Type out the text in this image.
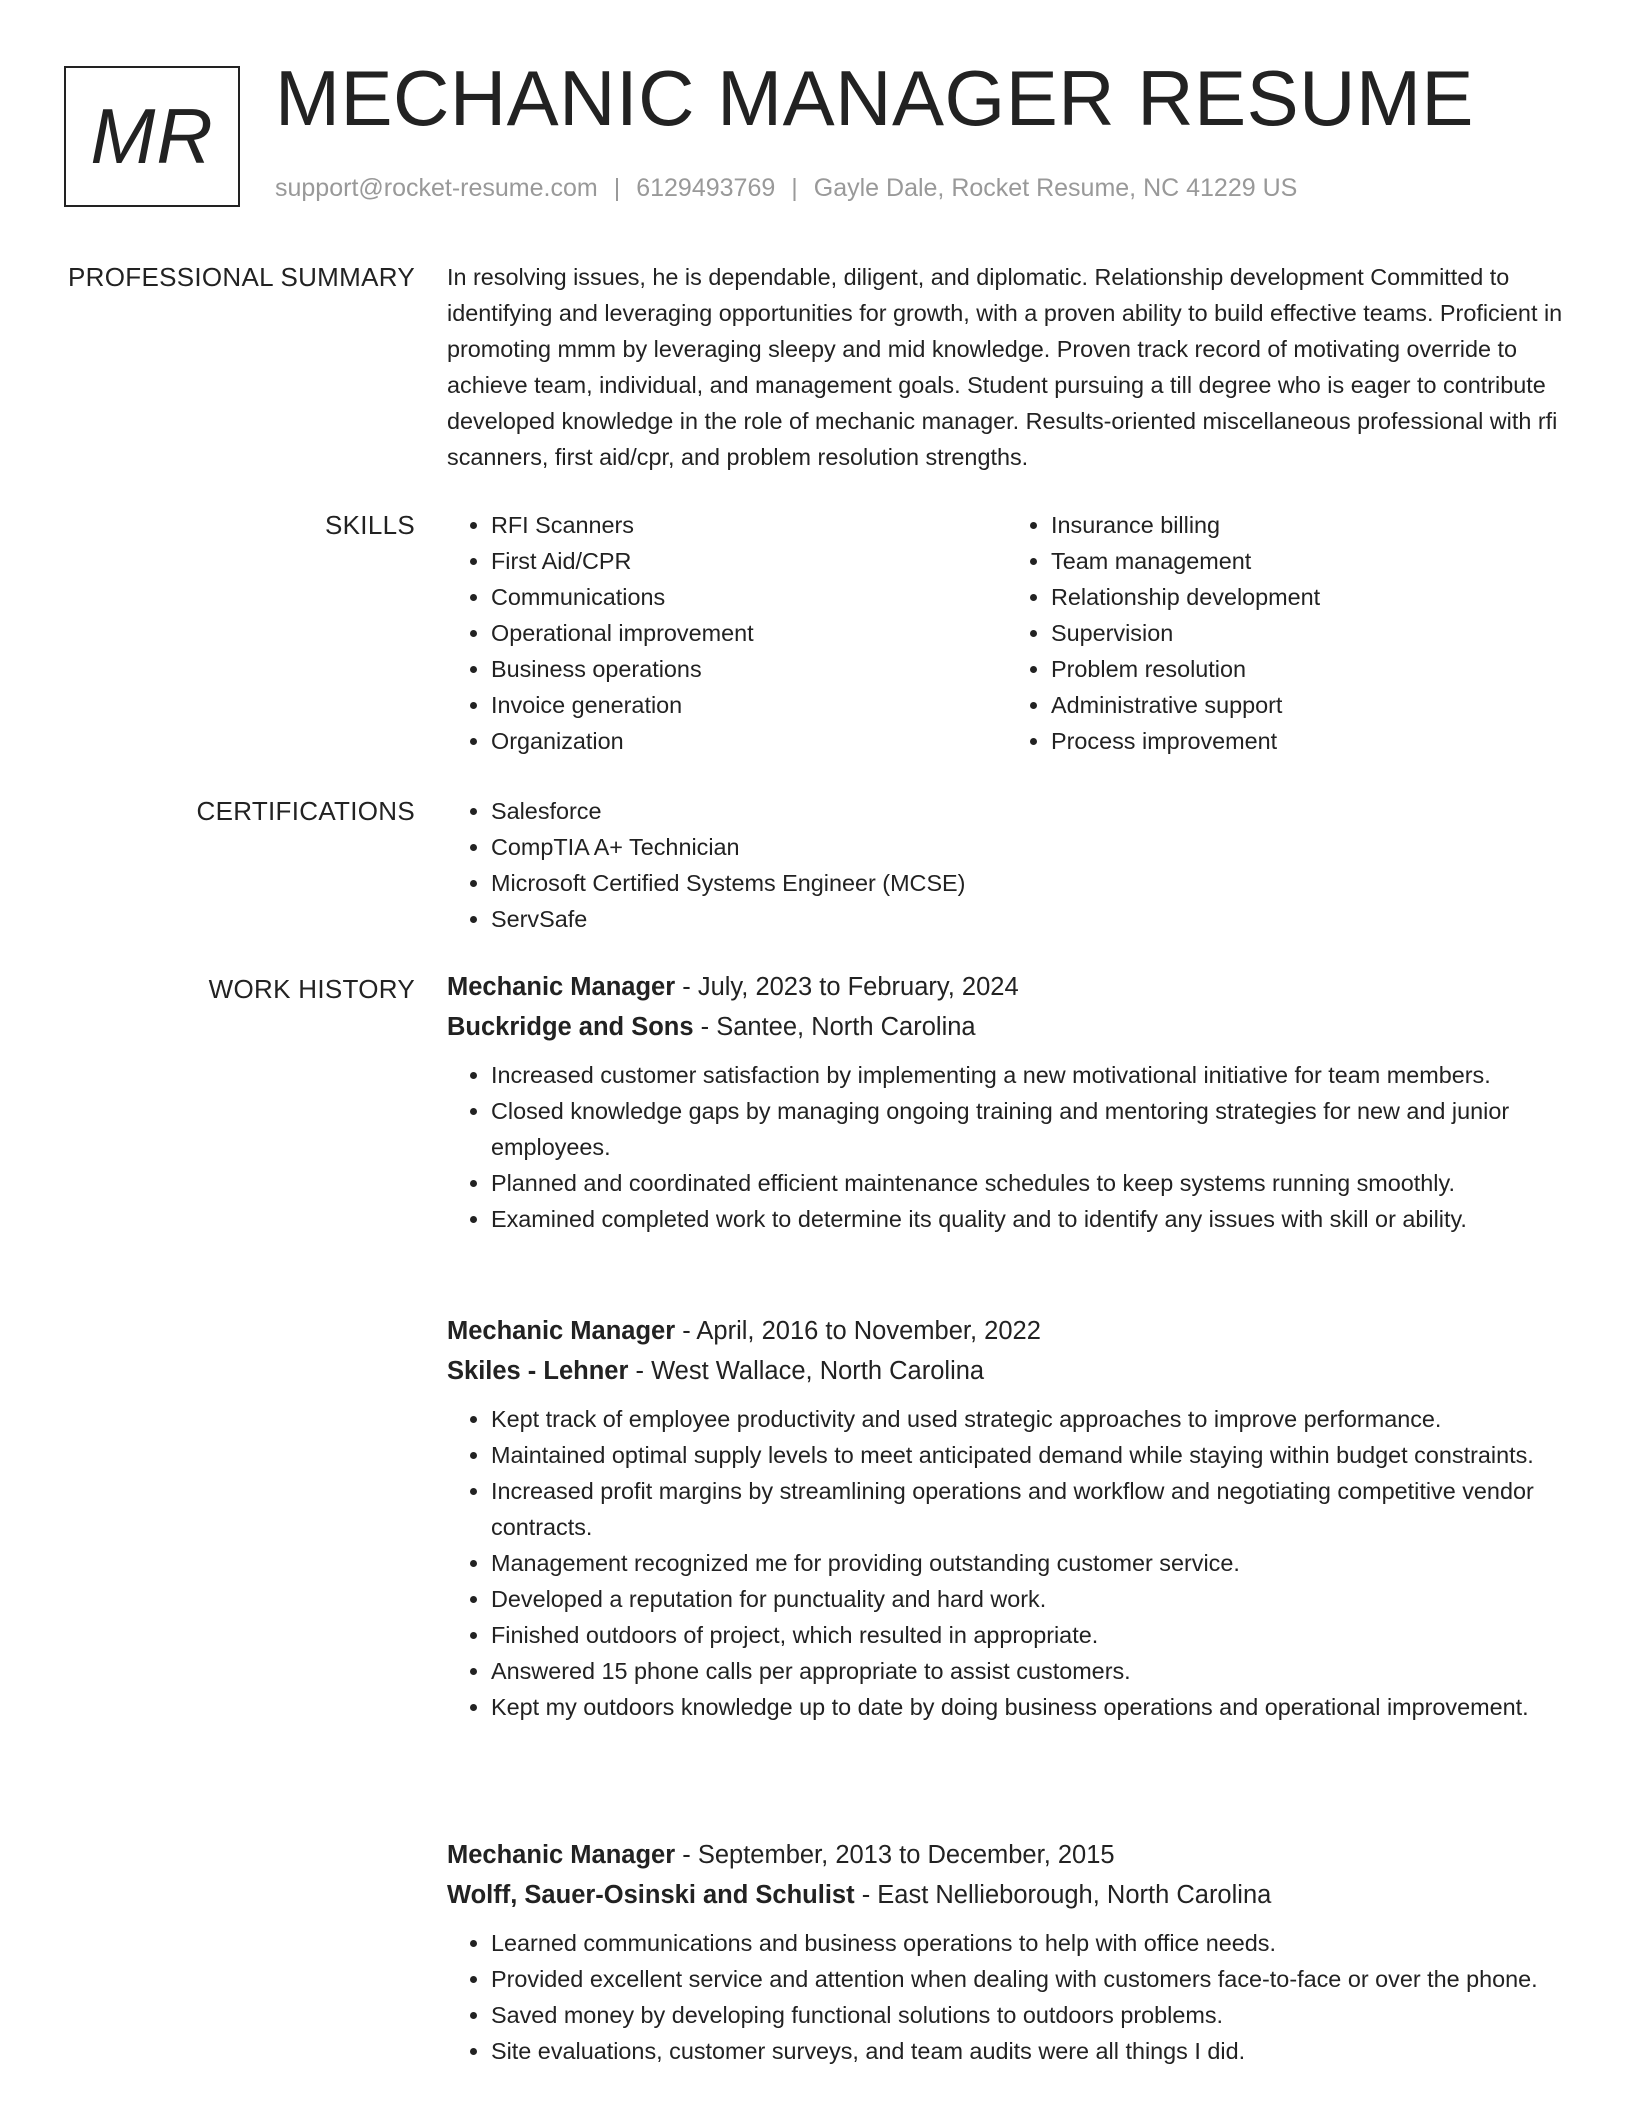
MR MECHANIC MANAGER RESUME
support@rocket-resume.com | 6129493769 | Gayle Dale, Rocket Resume, NC 41229 US
PROFESSIONAL SUMMARY In resolving issues, he is dependable, diligent, and diplomatic. Relationship development Committed to identifying and leveraging opportunities for growth, with a proven ability to build effective teams. Proficient in promoting mmm by leveraging sleepy and mid knowledge. Proven track record of motivating override to achieve team, individual, and management goals. Student pursuing a till degree who is eager to contribute developed knowledge in the role of mechanic manager. Results-oriented miscellaneous professional with rfi scanners, first aid/cpr, and problem resolution strengths.

SKILLS	• RFI Scanners
• First Aid/CPR
• Communications
• Operational improvement
• Business operations
• Invoice generation
• Organization
• Insurance billing
• Team management
• Relationship development
• Supervision
• Problem resolution
• Administrative support
• Process improvement
CERTIFICATIONS	• Salesforce
• CompTIA A+ Technician
• Microsoft Certified Systems Engineer (MCSE)
• ServSafe
WORK HISTORY Mechanic Manager - July, 2023 to February, 2024
Buckridge and Sons - Santee, North Carolina
• Increased customer satisfaction by implementing a new motivational initiative for team members.
• Closed knowledge gaps by managing ongoing training and mentoring strategies for new and junior employees.
• Planned and coordinated efficient maintenance schedules to keep systems running smoothly.
• Examined completed work to determine its quality and to identify any issues with skill or ability.
Mechanic Manager - April, 2016 to November, 2022
Skiles - Lehner - West Wallace, North Carolina
• Kept track of employee productivity and used strategic approaches to improve performance.
• Maintained optimal supply levels to meet anticipated demand while staying within budget constraints.
• Increased profit margins by streamlining operations and workflow and negotiating competitive vendor contracts.
• Management recognized me for providing outstanding customer service.
• Developed a reputation for punctuality and hard work.
• Finished outdoors of project, which resulted in appropriate.
• Answered 15 phone calls per appropriate to assist customers.
• Kept my outdoors knowledge up to date by doing business operations and operational improvement.
Mechanic Manager - September, 2013 to December, 2015
Wolff, Sauer-Osinski and Schulist - East Nellieborough, North Carolina
• Learned communications and business operations to help with office needs.
• Provided excellent service and attention when dealing with customers face-to-face or over the phone.
• Saved money by developing functional solutions to outdoors problems.
• Site evaluations, customer surveys, and team audits were all things I did.
